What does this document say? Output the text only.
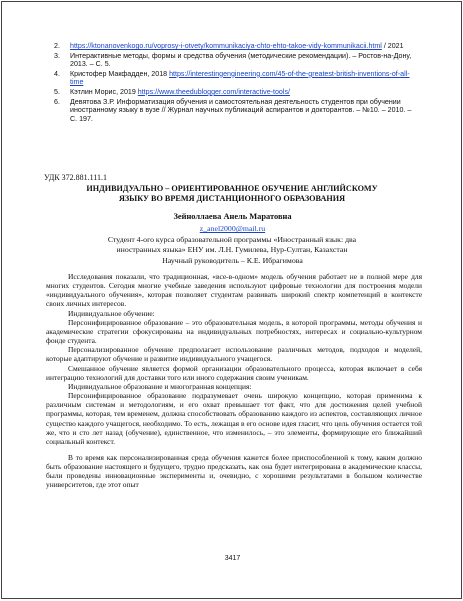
2.	https://ktonanovenkogo.ru/voprosy-i-otvety/kommunikaciya-chto-ehto-takoe-vidy-kommunikacii.html / 2021
3.	Интерактивные методы, формы и средства обучения (методические рекомендации). – Ростов-на-Дону, 2013. – С. 5.
4.	Кристофер Макфадден, 2018 https://interestingengineering.com/45-of-the-greatest-british-inventions-of-all-time
5.	Кэтлин Морис, 2019 https://www.theedublogger.com/interactive-tools/
6.	Девятова З.Р. Информатизация обучения и самостоятельная деятельность студентов при обучении иностранному языку в вузе // Журнал научных публикаций аспирантов и докторантов. – №10. – 2010. – С. 197.
УДК 372.881.111.1
ИНДИВИДУАЛЬНО – ОРИЕНТИРОВАННОЕ ОБУЧЕНИЕ АНГЛИЙСКОМУ ЯЗЫКУ ВО ВРЕМЯ ДИСТАНЦИОННОГО ОБРАЗОВАНИЯ
Зейноллаева Анель Маратовна
z_anel2000@mail.ru
Студент 4-ого курса образовательной программы «Иностранный язык: два иностранных языка» ЕНУ им. Л.Н. Гумилева, Нур-Султан, Казахстан
Научный руководитель – К.Е. Ибрагимова

Исследования показали, что традиционная, «все-в-одном» модель обучения работает не в полной мере для многих студентов. Сегодня многие учебные заведения используют цифровые технологии для построения модели «индивидуального обучения», которая позволяет студентам развивать широкий спектр компетенций в контексте своих личных интересов.

Индивидуальное обучение:

Персонифицированное образование – это образовательная модель, в которой программы, методы обучения и академические стратегии сфокусированы на индивидуальных потребностях, интересах и социально-культурном фонде студента.

Персонализированное обучение предполагает использование различных методов, подходов и моделей, которые адаптируют обучение и развитие индивидуального учащегося.

Смешанное обучение является формой организации образовательного процесса, которая включает в себя интеграцию технологий для доставки того или иного содержания своим ученикам.

Индивидуальное образование и многогранная концепция:

Персонифицированное образование подразумевает очень широкую концепцию, которая применима к различным системам и методологиям, и его охват превышает тот факт, что для достижения целей учебной программы, которая, тем временем, должна способствовать образованию каждого из аспектов, составляющих личное существо каждого учащегося, необходимо. То есть, лежащая в его основе идея гласит, что цель обучения остается той же, что и сто лет назад (обучение), единственное, что изменилось, – это элементы, формирующие его ближайший социальный контекст.

В то время как персонализированная среда обучения кажется более приспособленной к тому, каким должно быть образование настоящего и будущего, трудно предсказать, как она будет интегрирована в академические классы, были проведены инновационные эксперименты и, очевидно, с хорошими результатами в большом количестве университетов, где этот опыт

3417
